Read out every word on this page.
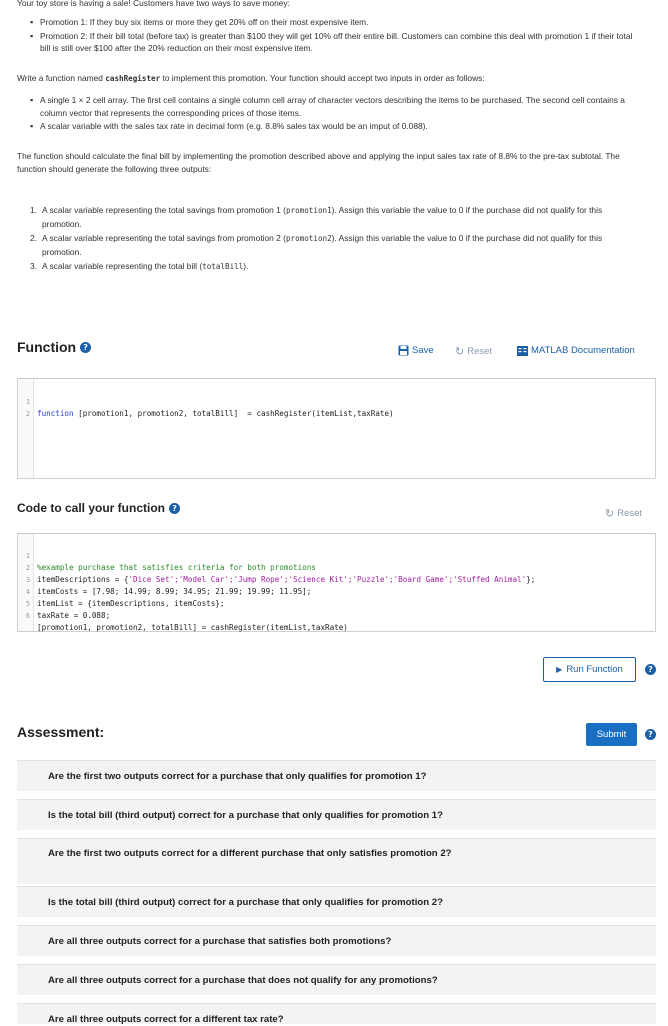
Your toy store is having a sale! Customers have two ways to save money:
▪ Promotion 1: If they buy six items or more they get 20% off on their most expensive item.
▪ Promotion 2: If their bill total (before tax) is greater than $100 they will get 10% off their entire bill. Customers can combine this deal with promotion 1 if their total bill is still over $100 after the 20% reduction on their most expensive item.
Write a function named cashRegister to implement this promotion. Your function should accept two inputs in order as follows:
▪ A single 1 × 2 cell array. The first cell contains a single column cell array of character vectors describing the items to be purchased. The second cell contains a column vector that represents the corresponding prices of those items.
▪ A scalar variable with the sales tax rate in decimal form (e.g. 8.8% sales tax would be an imput of 0.088).
The function should calculate the final bill by implementing the promotion described above and applying the input sales tax rate of 8.8% to the pre-tax subtotal. The function should generate the following three outputs:
1. A scalar variable representing the total savings from promotion 1 (promotion1). Assign this variable the value to 0 if the purchase did not qualify for this promotion.
2. A scalar variable representing the total savings from promotion 2 (promotion2). Assign this variable the value to 0 if the purchase did not qualify for this promotion.
3. A scalar variable representing the total bill (totalBill).
Function ?	Save ↻ Reset	MATLAB Documentation

1

function [promotion1, promotion2, totalBill]  = cashRegister(itemList,taxRate)

2

Code to call your function ?	↻ Reset

1

%example purchase that satisfies criteria for both promotions

2

itemDescriptions = {'Dice Set';'Model Car';'Jump Rope';'Science Kit';'Puzzle';'Board Game';'Stuffed Animal'};

3

itemCosts = [7.98; 14.99; 8.99; 34.95; 21.99; 19.99; 11.95];

4

itemList = {itemDescriptions, itemCosts};

5

taxRate = 0.088;

6

[promotion1, promotion2, totalBill] = cashRegister(itemList,taxRate)

▶ Run Function	?
Assessment:	Submit	?
Are the first two outputs correct for a purchase that only qualifies for promotion 1?
Is the total bill (third output) correct for a purchase that only qualifies for promotion 1?
Are the first two outputs correct for a different purchase that only satisfies promotion 2?
Is the total bill (third output) correct for a purchase that only qualifies for promotion 2?
Are all three outputs correct for a purchase that satisfies both promotions?
Are all three outputs correct for a purchase that does not qualify for any promotions?
Are all three outputs correct for a different tax rate?
